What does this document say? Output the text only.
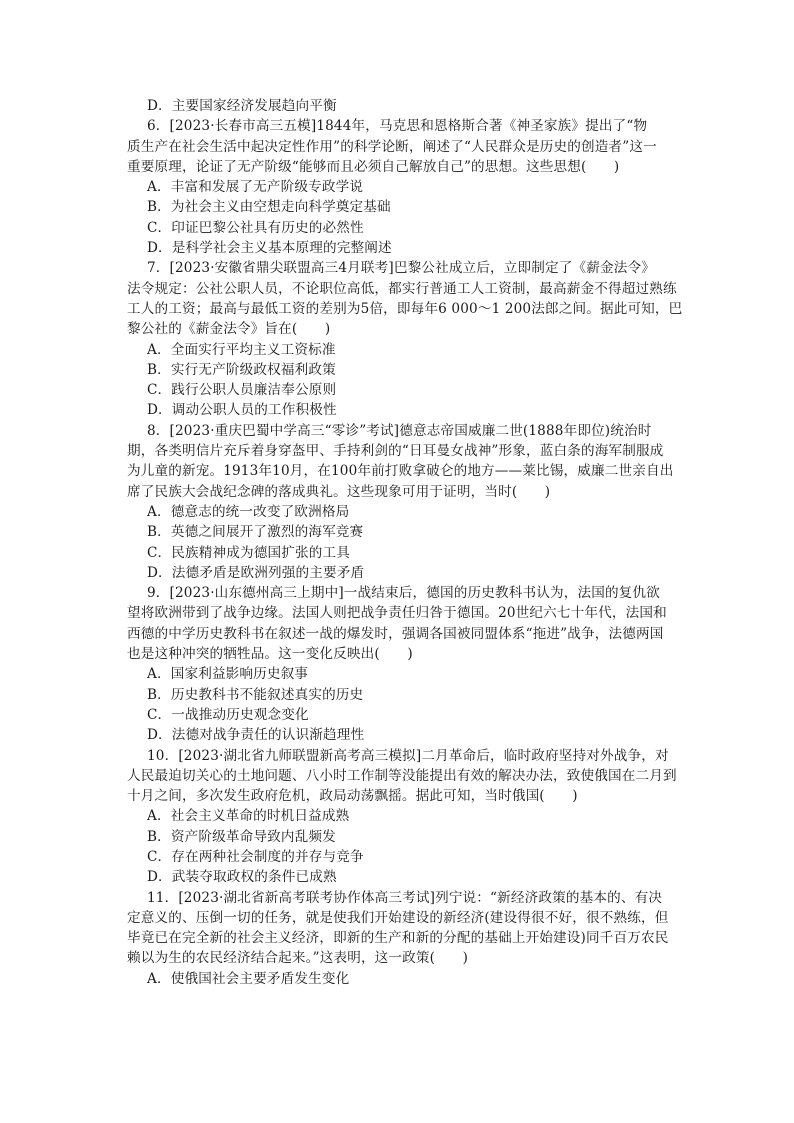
D．主要国家经济发展趋向平衡
6．[2023·长春市高三五模]1844年，马克思和恩格斯合著《神圣家族》提出了“物
质生产在社会生活中起决定性作用”的科学论断，阐述了“人民群众是历史的创造者”这一
重要原理，论证了无产阶级“能够而且必须自己解放自己”的思想。这些思想(　　)
A．丰富和发展了无产阶级专政学说
B．为社会主义由空想走向科学奠定基础
C．印证巴黎公社具有历史的必然性
D．是科学社会主义基本原理的完整阐述
7．[2023·安徽省鼎尖联盟高三4月联考]巴黎公社成立后，立即制定了《薪金法令》
法令规定：公社公职人员，不论职位高低，都实行普通工人工资制，最高薪金不得超过熟练
工人的工资；最高与最低工资的差别为5倍，即每年6 000～1 200法郎之间。据此可知，巴
黎公社的《薪金法令》旨在(　　)
A．全面实行平均主义工资标准
B．实行无产阶级政权福利政策
C．践行公职人员廉洁奉公原则
D．调动公职人员的工作积极性
8．[2023·重庆巴蜀中学高三“零诊”考试]德意志帝国威廉二世(1888年即位)统治时
期，各类明信片充斥着身穿盔甲、手持利剑的“日耳曼女战神”形象，蓝白条的海军制服成
为儿童的新宠。1913年10月，在100年前打败拿破仑的地方——莱比锡，威廉二世亲自出
席了民族大会战纪念碑的落成典礼。这些现象可用于证明，当时(　　)
A．德意志的统一改变了欧洲格局
B．英德之间展开了激烈的海军竞赛
C．民族精神成为德国扩张的工具
D．法德矛盾是欧洲列强的主要矛盾
9．[2023·山东德州高三上期中]一战结束后，德国的历史教科书认为，法国的复仇欲
望将欧洲带到了战争边缘。法国人则把战争责任归咎于德国。20世纪六七十年代，法国和
西德的中学历史教科书在叙述一战的爆发时，强调各国被同盟体系“拖进”战争，法德两国
也是这种冲突的牺牲品。这一变化反映出(　　)
A．国家利益影响历史叙事
B．历史教科书不能叙述真实的历史
C．一战推动历史观念变化
D．法德对战争责任的认识渐趋理性
10．[2023·湖北省九师联盟新高考高三模拟]二月革命后，临时政府坚持对外战争，对
人民最迫切关心的土地问题、八小时工作制等没能提出有效的解决办法，致使俄国在二月到
十月之间，多次发生政府危机，政局动荡飘摇。据此可知，当时俄国(　　)
A．社会主义革命的时机日益成熟
B．资产阶级革命导致内乱频发
C．存在两种社会制度的并存与竞争
D．武装夺取政权的条件已成熟
11．[2023·湖北省新高考联考协作体高三考试]列宁说：“新经济政策的基本的、有决
定意义的、压倒一切的任务，就是使我们开始建设的新经济(建设得很不好，很不熟练，但
毕竟已在完全新的社会主义经济，即新的生产和新的分配的基础上开始建设)同千百万农民
赖以为生的农民经济结合起来。”这表明，这一政策(　　)
A．使俄国社会主要矛盾发生变化
